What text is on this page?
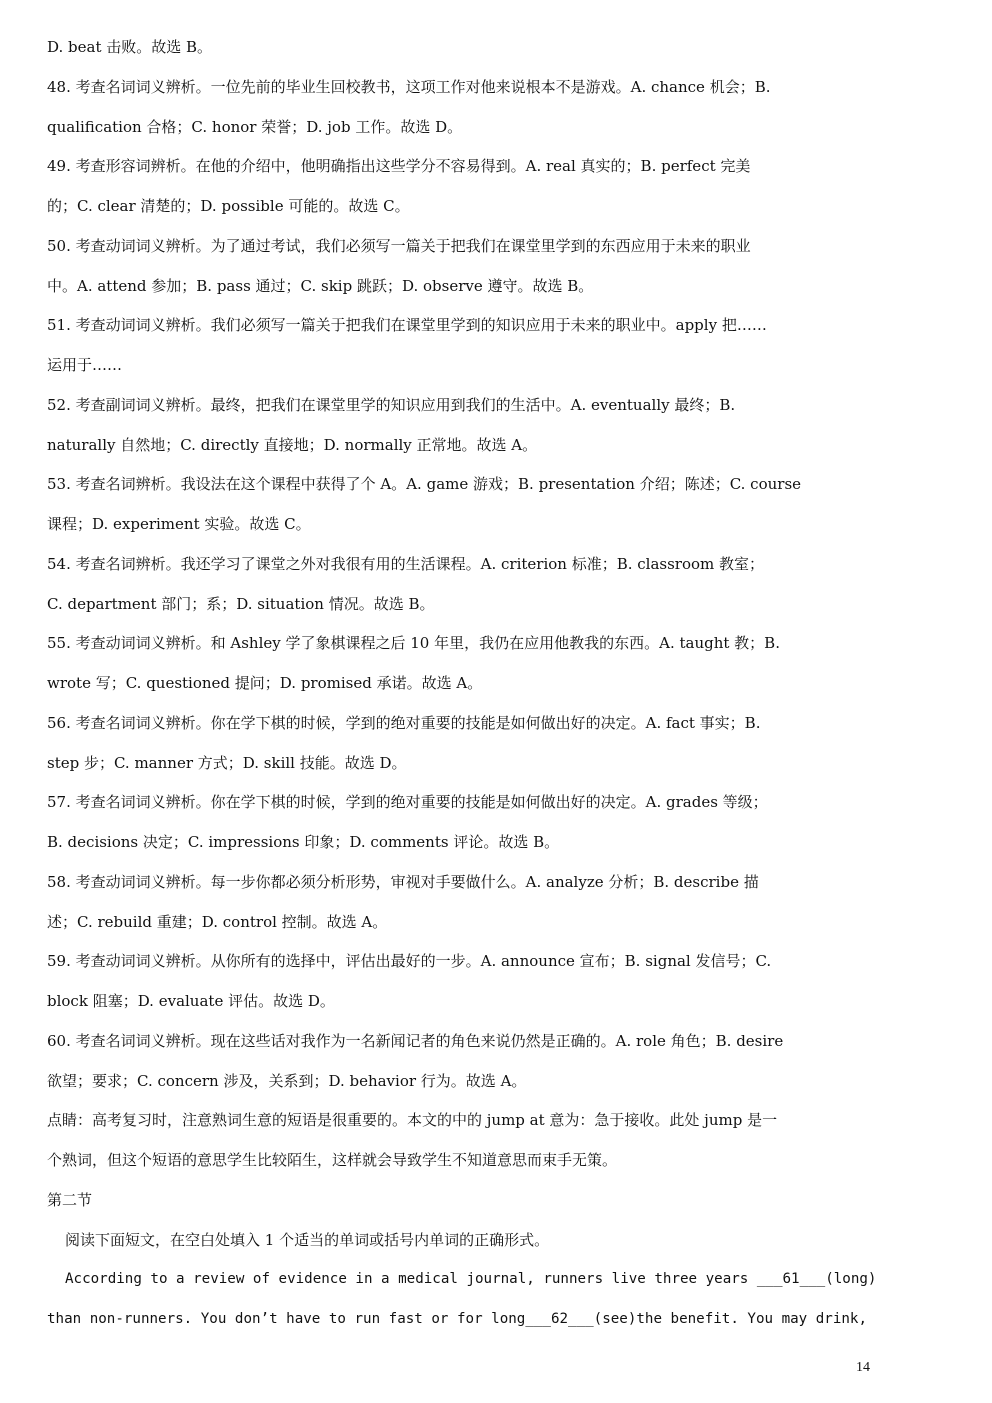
D. beat 击败。故选 B。
48. 考查名词词义辨析。一位先前的毕业生回校教书，这项工作对他来说根本不是游戏。A. chance 机会；B.
qualification 合格；C. honor 荣誉；D. job 工作。故选 D。
49. 考查形容词辨析。在他的介绍中，他明确指出这些学分不容易得到。A. real 真实的；B. perfect 完美
的；C. clear 清楚的；D. possible 可能的。故选 C。
50. 考查动词词义辨析。为了通过考试，我们必须写一篇关于把我们在课堂里学到的东西应用于未来的职业
中。A. attend 参加；B. pass 通过；C. skip 跳跃；D. observe 遵守。故选 B。
51. 考查动词词义辨析。我们必须写一篇关于把我们在课堂里学到的知识应用于未来的职业中。apply 把……
运用于……
52. 考查副词词义辨析。最终，把我们在课堂里学的知识应用到我们的生活中。A. eventually 最终；B.
naturally 自然地；C. directly 直接地；D. normally 正常地。故选 A。
53. 考查名词辨析。我设法在这个课程中获得了个 A。A. game 游戏；B. presentation 介绍；陈述；C. course
课程；D. experiment 实验。故选 C。
54. 考查名词辨析。我还学习了课堂之外对我很有用的生活课程。A. criterion 标准；B. classroom 教室；
C. department 部门；系；D. situation 情况。故选 B。
55. 考查动词词义辨析。和 Ashley 学了象棋课程之后 10 年里，我仍在应用他教我的东西。A. taught 教；B.
wrote 写；C. questioned 提问；D. promised 承诺。故选 A。
56. 考查名词词义辨析。你在学下棋的时候，学到的绝对重要的技能是如何做出好的决定。A. fact 事实；B.
step 步；C. manner 方式；D. skill 技能。故选 D。
57. 考查名词词义辨析。你在学下棋的时候，学到的绝对重要的技能是如何做出好的决定。A. grades 等级；
B. decisions 决定；C. impressions 印象；D. comments 评论。故选 B。
58. 考查动词词义辨析。每一步你都必须分析形势，审视对手要做什么。A. analyze 分析；B. describe 描
述；C. rebuild 重建；D. control 控制。故选 A。
59. 考查动词词义辨析。从你所有的选择中，评估出最好的一步。A. announce 宣布；B. signal 发信号；C.
block 阻塞；D. evaluate 评估。故选 D。
60. 考查名词词义辨析。现在这些话对我作为一名新闻记者的角色来说仍然是正确的。A. role 角色；B. desire
欲望；要求；C. concern 涉及，关系到；D. behavior 行为。故选 A。
点睛：高考复习时，注意熟词生意的短语是很重要的。本文的中的 jump at 意为：急于接收。此处 jump 是一
个熟词，但这个短语的意思学生比较陌生，这样就会导致学生不知道意思而束手无策。
第二节
阅读下面短文，在空白处填入 1 个适当的单词或括号内单词的正确形式。
According to a review of evidence in a medical journal, runners live three years ___61___(long)
than non-runners. You don’t have to run fast or for long___62___(see)the benefit. You may drink,
14
